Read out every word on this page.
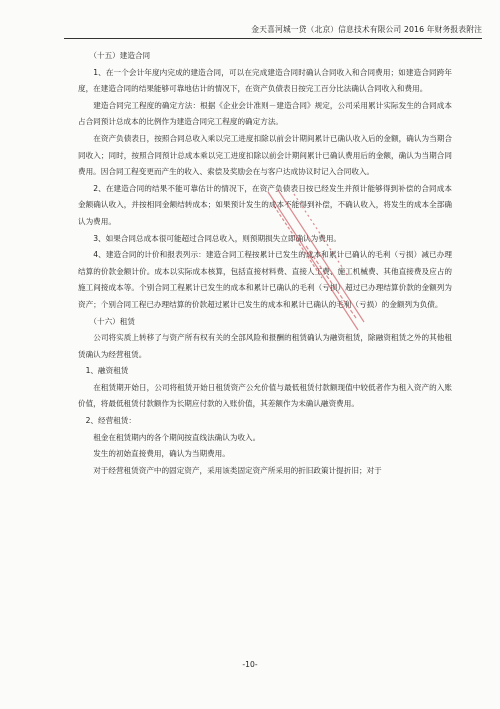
金天喜河城一贷（北京）信息技术有限公司 2016 年财务报表附注
（十五）建造合同
1、在一个会计年度内完成的建造合同，可以在完成建造合同时确认合同收入和合同费用；如建造合同跨年度，在建造合同的结果能够可靠地估计的情况下，在资产负债表日按完工百分比法确认合同收入和费用。
建造合同完工程度的确定方法：根据《企业会计准则－建造合同》规定，公司采用累计实际发生的合同成本占合同预计总成本的比例作为建造合同完工程度的确定方法。
在资产负债表日，按照合同总收入乘以完工进度扣除以前会计期间累计已确认收入后的金额，确认为当期合同收入；同时，按照合同预计总成本乘以完工进度扣除以前会计期间累计已确认费用后的金额，确认为当期合同费用。因合同工程变更而产生的收入、索偿及奖励会在与客户达成协议时记入合同收入。
2、在建造合同的结果不能可靠估计的情况下，在资产负债表日按已经发生并预计能够得到补偿的合同成本金额确认收入，并按相同金额结转成本；如果预计发生的成本不能得到补偿，不确认收入，将发生的成本全部确认为费用。
3、如果合同总成本很可能超过合同总收入，则预期损失立即确认为费用。
4、建造合同的计价和报表列示：建造合同工程按累计已发生的成本和累计已确认的毛利（亏损）减已办理结算的价款金额计价。成本以实际成本核算，包括直接材料费、直接人工费、施工机械费、其他直接费及应占的施工间接成本等。个别合同工程累计已发生的成本和累计已确认的毛利（亏损）超过已办理结算价款的金额列为资产；个别合同工程已办理结算的价款超过累计已发生的成本和累计已确认的毛利（亏损）的金额列为负债。
（十六）租赁
公司将实质上转移了与资产所有权有关的全部风险和报酬的租赁确认为融资租赁，除融资租赁之外的其他租赁确认为经营租赁。
1、融资租赁
在租赁期开始日，公司将租赁开始日租赁资产公允价值与最低租赁付款额现值中较低者作为租入资产的入账价值，将最低租赁付款额作为长期应付款的入账价值，其差额作为未确认融资费用。
2、经营租赁：
租金在租赁期内的各个期间按直线法确认为收入。
发生的初始直接费用，确认为当期费用。
对于经营租赁资产中的固定资产，采用该类固定资产所采用的折旧政策计提折旧；对于
-10-
